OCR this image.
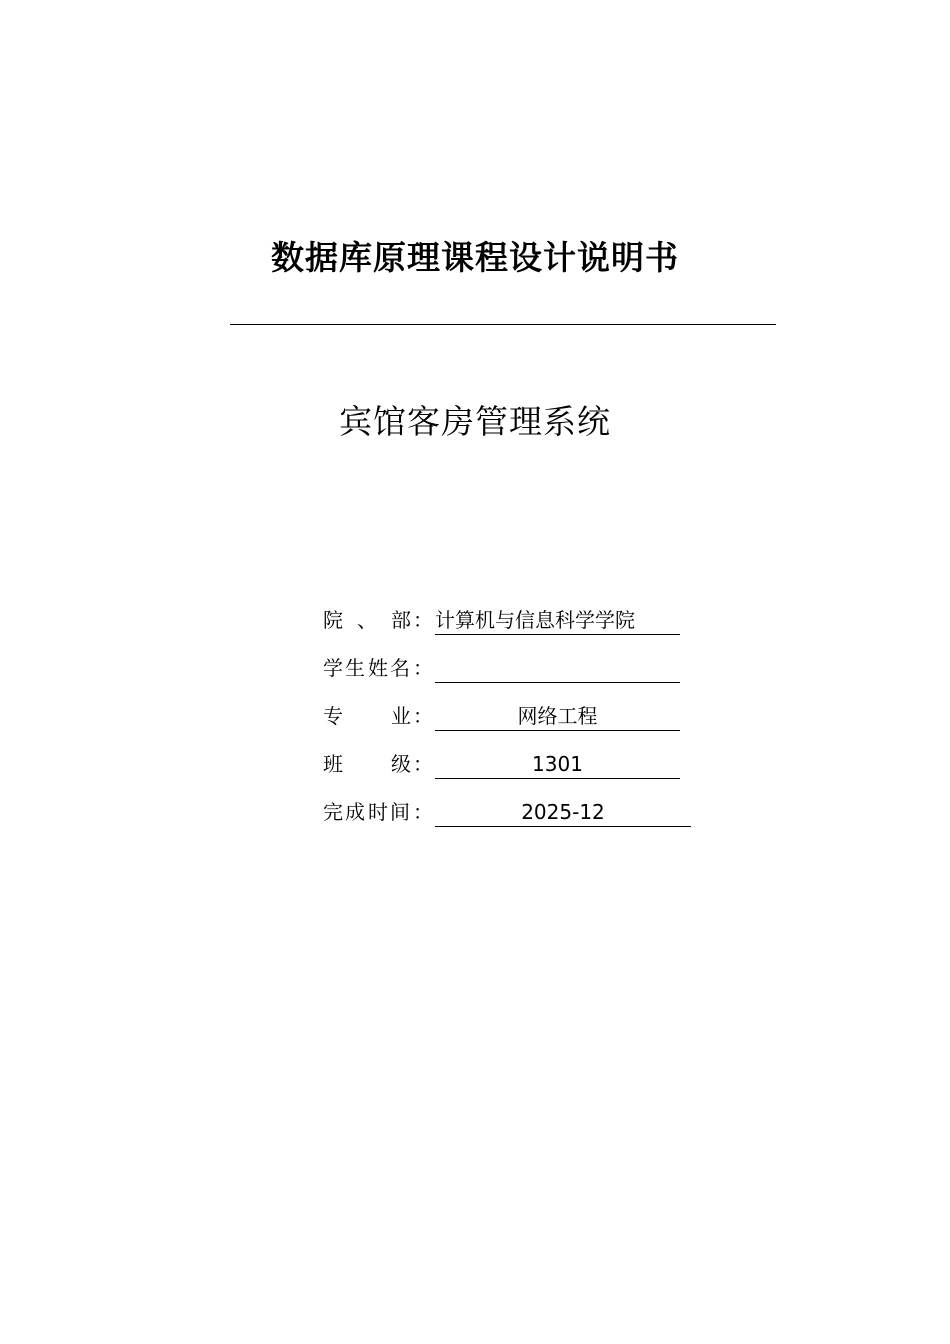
数据库原理课程设计说明书
宾馆客房管理系统
院 、 部 ： 计算机与信息科学学院
学 生 姓 名 ：
专 业 ：	网络工程
班 级 ：	1301
完 成 时 间 ：	2025-12
